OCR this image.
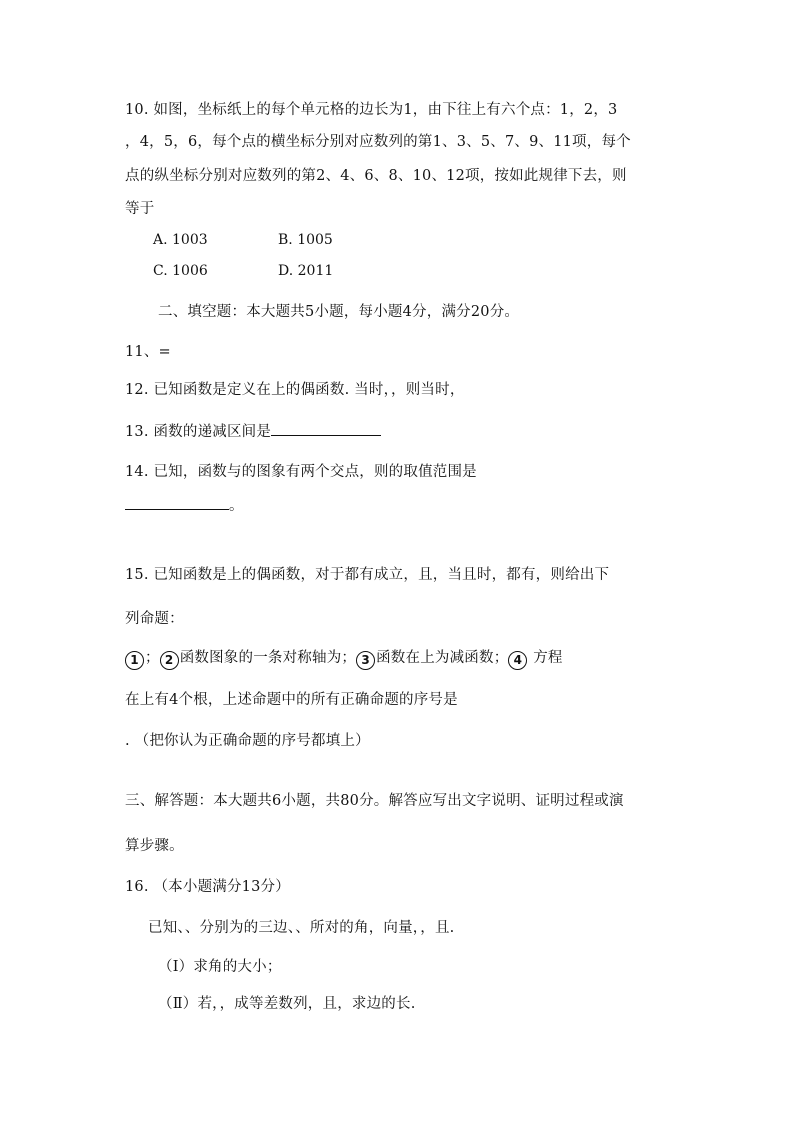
10. 如图，坐标纸上的每个单元格的边长为1，由下往上有六个点：1，2，3
，4，5，6，每个点的横坐标分别对应数列的第1、3、5、7、9、11项，每个
点的纵坐标分别对应数列的第2、4、6、8、10、12项，按如此规律下去，则
等于
A. 1003	B. 1005
C. 1006	D. 2011
二、填空题：本大题共5小题，每小题4分，满分20分。
11、=
12. 已知函数是定义在上的偶函数. 当时，，则当时，
13. 函数的递减区间是
14. 已知，函数与的图象有两个交点，则的取值范围是
。
15. 已知函数是上的偶函数，对于都有成立，且，当且时，都有，则给出下
列命题：
1 ； 2 函数图象的一条对称轴为； 3 函数在上为减函数； 4 方程
在上有4个根，上述命题中的所有正确命题的序号是
. （把你认为正确命题的序号都填上）
三、解答题：本大题共6小题，共80分。解答应写出文字说明、证明过程或演
算步骤。
16. （本小题满分13分）
已知、、分别为的三边、、所对的角，向量，，且.
（Ⅰ）求角的大小；
（Ⅱ）若，，成等差数列，且，求边的长.
